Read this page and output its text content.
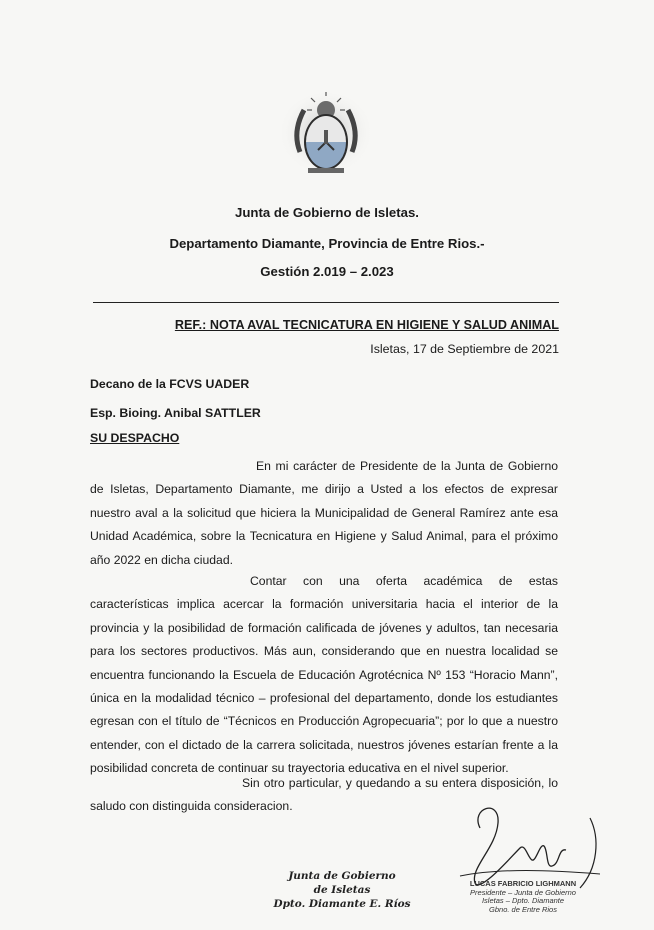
Junta de Gobierno de Isletas.
Departamento Diamante, Provincia de Entre Rios.-
Gestión 2.019 – 2.023
REF.: NOTA AVAL TECNICATURA EN HIGIENE Y SALUD ANIMAL
Isletas, 17 de Septiembre de 2021
Decano de la FCVS UADER
Esp. Bioing. Anibal SATTLER
SU DESPACHO

En mi carácter de Presidente de la Junta de Gobierno de Isletas, Departamento Diamante, me dirijo a Usted a los efectos de expresar nuestro aval a la solicitud que hiciera la Municipalidad de General Ramírez ante esa Unidad Académica, sobre la Tecnicatura en Higiene y Salud Animal, para el próximo año 2022 en dicha ciudad.

Contar con una oferta académica de estas características implica acercar la formación universitaria hacia el interior de la provincia y la posibilidad de formación calificada de jóvenes y adultos, tan necesaria para los sectores productivos. Más aun, considerando que en nuestra localidad se encuentra funcionando la Escuela de Educación Agrotécnica Nº 153 “Horacio Mann”, única en la modalidad técnico – profesional del departamento, donde los estudiantes egresan con el título de “Técnicos en Producción Agropecuaria”; por lo que a nuestro entender, con el dictado de la carrera solicitada, nuestros jóvenes estarían frente a la posibilidad concreta de continuar su trayectoria educativa en el nivel superior.

Sin otro particular, y quedando a su entera disposición, lo saludo con distinguida consideracion.

Junta de Gobierno
de Isletas
Dpto. Diamante E. Ríos
LUCAS FABRICIO LIGHMANN
Presidente – Junta de Gobierno
Isletas – Dpto. Diamante
Gbno. de Entre Rios
